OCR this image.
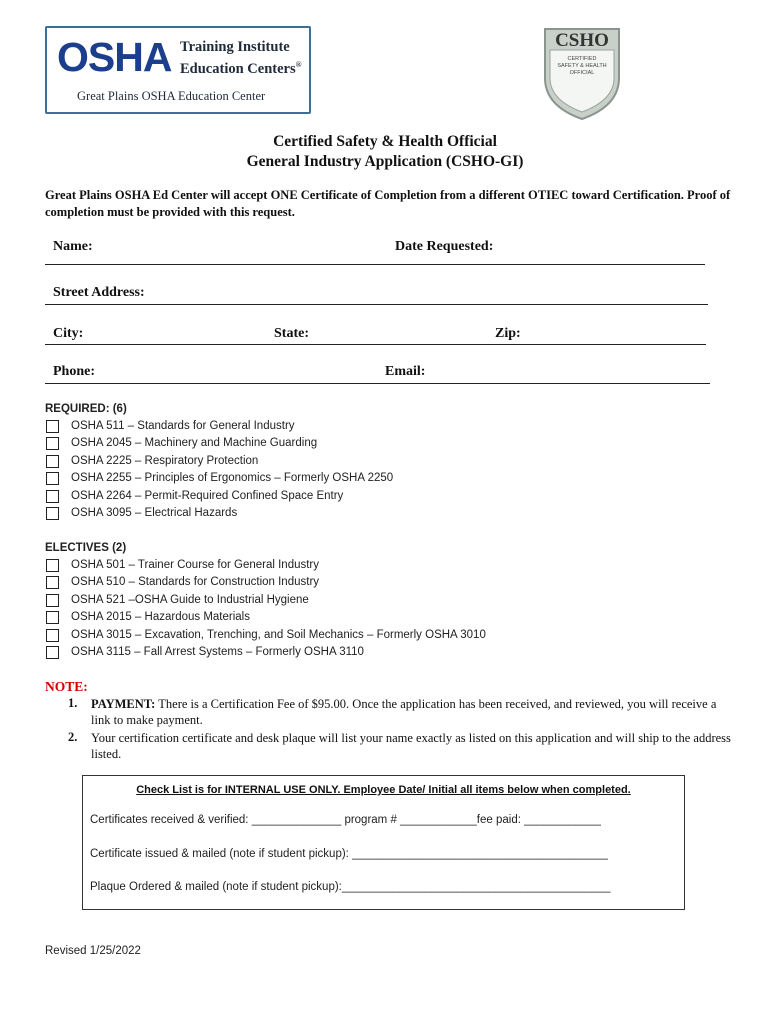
OSHA Training Institute
Education Centers®
Great Plains OSHA Education Center
CSHO
CERTIFIED
SAFETY & HEALTH
OFFICIAL
Certified Safety & Health Official
General Industry Application (CSHO-GI)
Great Plains OSHA Ed Center will accept ONE Certificate of Completion from a different OTIEC toward Certification. Proof of completion must be provided with this request.
Name:	Date Requested:
Street Address:
City:	State:	Zip:
Phone:	Email:
REQUIRED: (6)
OSHA 511 – Standards for General Industry
OSHA 2045 – Machinery and Machine Guarding
OSHA 2225 – Respiratory Protection
OSHA 2255 – Principles of Ergonomics – Formerly OSHA 2250
OSHA 2264 – Permit-Required Confined Space Entry
OSHA 3095 – Electrical Hazards
ELECTIVES (2)
OSHA 501 – Trainer Course for General Industry
OSHA 510 – Standards for Construction Industry
OSHA 521 –OSHA Guide to Industrial Hygiene
OSHA 2015 – Hazardous Materials
OSHA 3015 – Excavation, Trenching, and Soil Mechanics – Formerly OSHA 3010
OSHA 3115 – Fall Arrest Systems – Formerly OSHA 3110
NOTE:
1. PAYMENT: There is a Certification Fee of $95.00. Once the application has been received, and reviewed, you will receive a link to make payment.
2. Your certification certificate and desk plaque will list your name exactly as listed on this application and will ship to the address listed.
Check List is for INTERNAL USE ONLY. Employee Date/ Initial all items below when completed.
Certificates received & verified: ______________ program # ____________fee paid: ____________
Certificate issued & mailed (note if student pickup): ________________________________________
Plaque Ordered & mailed (note if student pickup):__________________________________________
Revised 1/25/2022
